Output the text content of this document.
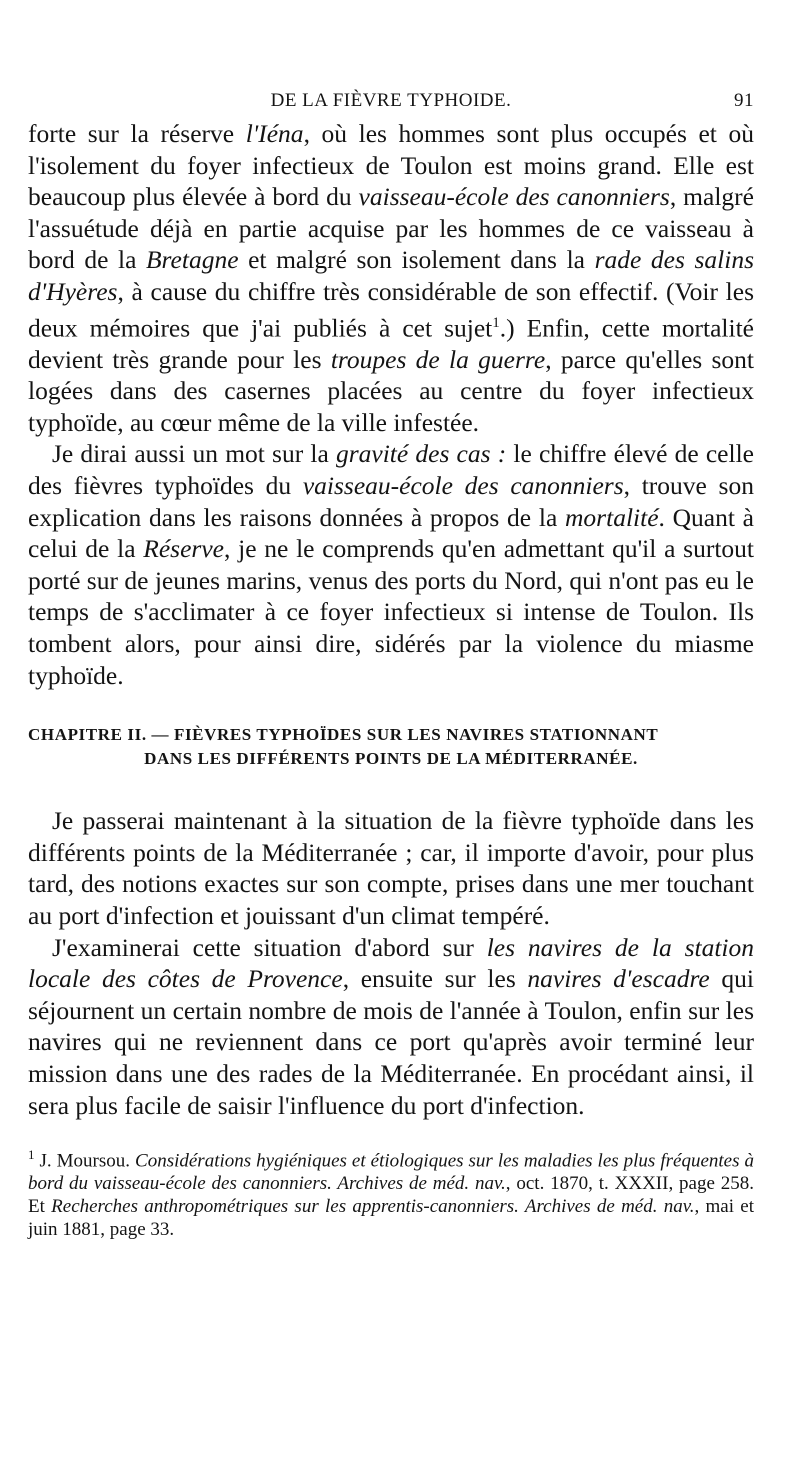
DE LA FIÈVRE TYPHOIDE.	91

forte sur la réserve l'Iéna, où les hommes sont plus occupés et où l'isolement du foyer infectieux de Toulon est moins grand. Elle est beaucoup plus élevée à bord du vaisseau-école des canonniers, malgré l'assuétude déjà en partie acquise par les hommes de ce vaisseau à bord de la Bretagne et malgré son isolement dans la rade des salins d'Hyères, à cause du chiffre très considérable de son effectif. (Voir les deux mémoires que j'ai publiés à cet sujet$^1$.) Enfin, cette mortalité devient très grande pour les troupes de la guerre, parce qu'elles sont logées dans des casernes placées au centre du foyer infectieux typhoïde, au cœur même de la ville infestée.

Je dirai aussi un mot sur la gravité des cas : le chiffre élevé de celle des fièvres typhoïdes du vaisseau-école des canonniers, trouve son explication dans les raisons données à propos de la mortalité. Quant à celui de la Réserve, je ne le comprends qu'en admettant qu'il a surtout porté sur de jeunes marins, venus des ports du Nord, qui n'ont pas eu le temps de s'acclimater à ce foyer infectieux si intense de Toulon. Ils tombent alors, pour ainsi dire, sidérés par la violence du miasme typhoïde.

CHAPITRE II. — FIÈVRES TYPHOÏDES SUR LES NAVIRES STATIONNANT
DANS LES DIFFÉRENTS POINTS DE LA MÉDITERRANÉE.

Je passerai maintenant à la situation de la fièvre typhoïde dans les différents points de la Méditerranée ; car, il importe d'avoir, pour plus tard, des notions exactes sur son compte, prises dans une mer touchant au port d'infection et jouissant d'un climat tempéré.

J'examinerai cette situation d'abord sur les navires de la station locale des côtes de Provence, ensuite sur les navires d'escadre qui séjournent un certain nombre de mois de l'année à Toulon, enfin sur les navires qui ne reviennent dans ce port qu'après avoir terminé leur mission dans une des rades de la Méditerranée. En procédant ainsi, il sera plus facile de saisir l'influence du port d'infection.

$^1$ J. Moursou. Considérations hygiéniques et étiologiques sur les maladies les plus fréquentes à bord du vaisseau-école des canonniers. Archives de méd. nav., oct. 1870, t. XXXII, page 258. Et Recherches anthropométriques sur les apprentis-canonniers. Archives de méd. nav., mai et juin 1881, page 33.
